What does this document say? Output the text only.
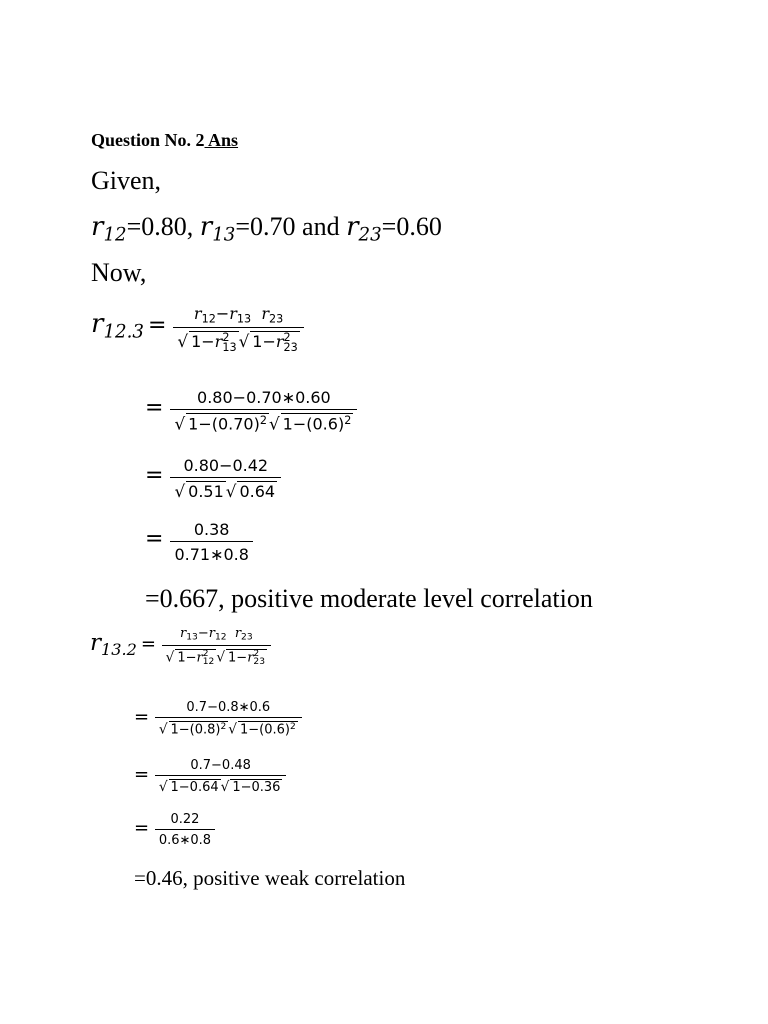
Question No. 2 Ans
Given,
$r_{12}=0.80$, $r_{13}=0.70$ and $r_{23}=0.60$
Now,
$r_{12.3} = r_{12}-r_{13}$ $r_{23}$
√ 1−r 2
13 √ 1−r 2
23
= $\frac{0.80-0.70∗0.60}{√ 1-(0.70)^2 √ 1-(0.6)^2}$
= $\frac{0.80-0.42}{√ 0.51 √ 0.64}$
= $\frac{0.38}{0.71∗0.8}$
=0.667, positive moderate level correlation
$r_{13.2} = r_{13}-r_{12}$ $r_{23}$
√ 1−r 2
12 √ 1−r 2
23
= $\frac{0.7-0.8∗0.6}{√ 1-(0.8)^2 √ 1-(0.6)^2}$
= $\frac{0.7-0.48}{√ 1-0.64 √ 1-0.36}$
= $\frac{0.22}{0.6∗0.8}$
=0.46, positive weak correlation
